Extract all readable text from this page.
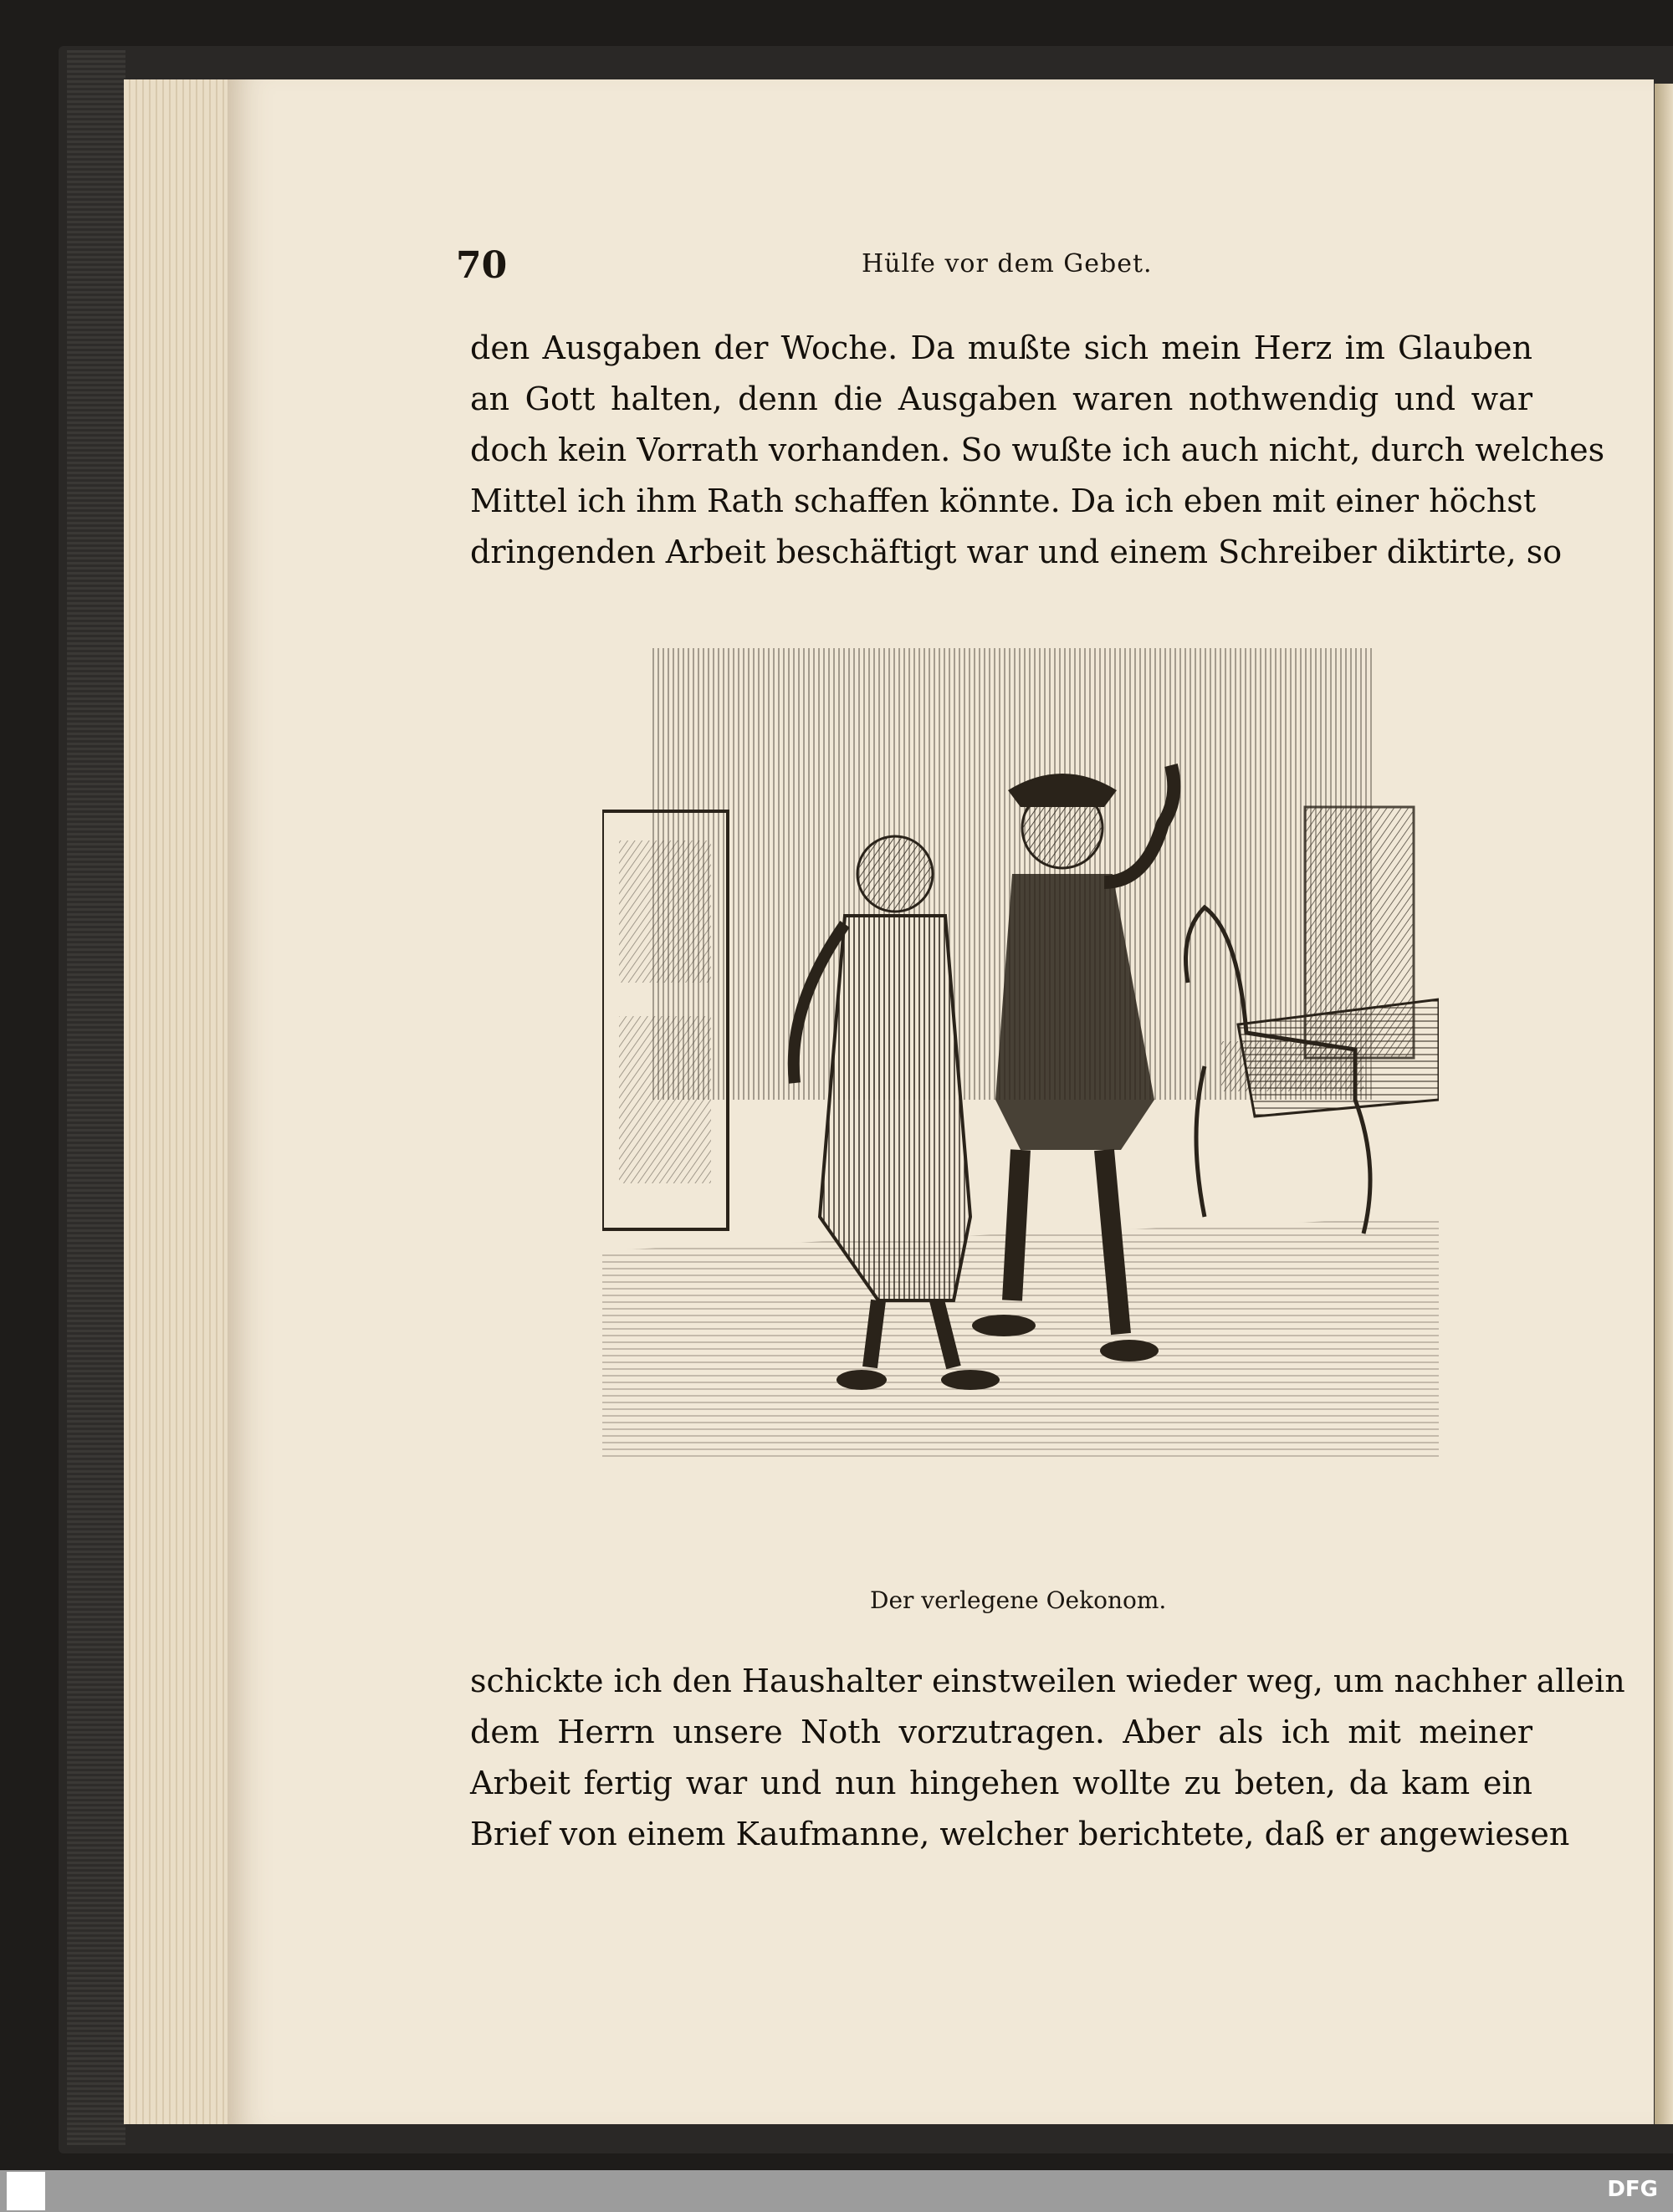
70	Hülfe vor dem Gebet.
den Ausgaben der Woche. Da mußte sich mein Herz im Glauben
an Gott halten, denn die Ausgaben waren nothwendig und war
doch kein Vorrath vorhanden. So wußte ich auch nicht, durch welches
Mittel ich ihm Rath schaffen könnte. Da ich eben mit einer höchst
dringenden Arbeit beschäftigt war und einem Schreiber diktirte, so
Der verlegene Oekonom.
schickte ich den Haushalter einstweilen wieder weg, um nachher allein
dem Herrn unsere Noth vorzutragen. Aber als ich mit meiner
Arbeit fertig war und nun hingehen wollte zu beten, da kam ein
Brief von einem Kaufmanne, welcher berichtete, daß er angewiesen
DFG
